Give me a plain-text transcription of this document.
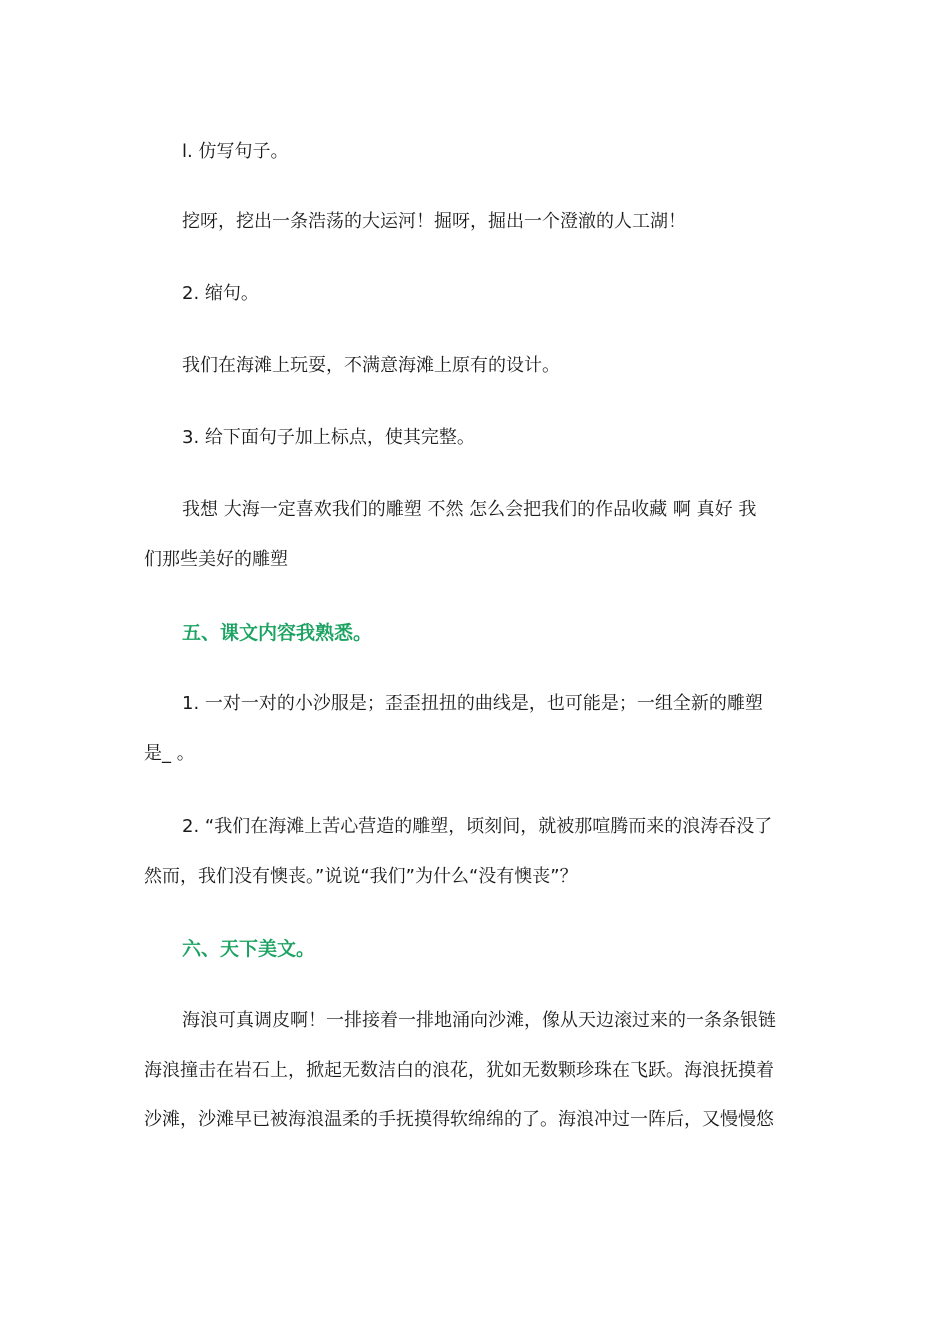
l. 仿写句子。
挖呀，挖出一条浩荡的大运河！掘呀，掘出一个澄澈的人工湖！
2. 缩句。
我们在海滩上玩耍，不满意海滩上原有的设计。
3. 给下面句子加上标点，使其完整。
我想 大海一定喜欢我们的雕塑 不然 怎么会把我们的作品收藏 啊 真好 我
们那些美好的雕塑
五、课文内容我熟悉。
1. 一对一对的小沙服是；歪歪扭扭的曲线是，也可能是；一组全新的雕塑
是_ 。
2. “我们在海滩上苦心营造的雕塑，顷刻间，就被那喧腾而来的浪涛吞没了
然而，我们没有懊丧。”说说“我们”为什么“没有懊丧”？
六、天下美文。
海浪可真调皮啊！一排接着一排地涌向沙滩，像从天边滚过来的一条条银链
海浪撞击在岩石上，掀起无数洁白的浪花，犹如无数颗珍珠在飞跃。海浪抚摸着
沙滩，沙滩早已被海浪温柔的手抚摸得软绵绵的了。海浪冲过一阵后，又慢慢悠
